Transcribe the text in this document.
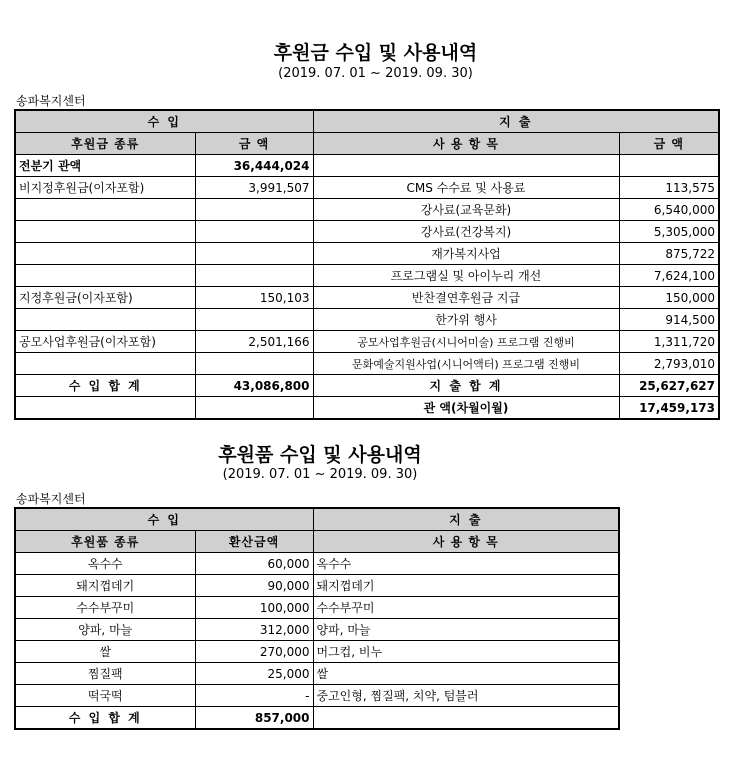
후원금 수입 및 사용내역
(2019. 07. 01 ~ 2019. 09. 30)
송파복지센터
수 입		지 출	
후원금 종류	금 액	사 용 항 목	금 액
전분기 관액	36,444,024		
비지정후원금(이자포함)	3,991,507	CMS 수수료 및 사용료	113,575
		강사료(교육문화)	6,540,000
		강사료(건강복지)	5,305,000
		재가복지사업	875,722
		프로그램실 및 아이누리 개선	7,624,100
지정후원금(이자포함)	150,103	반찬결연후원금 지급	150,000
		한가위 행사	914,500
공모사업후원금(이자포함)	2,501,166	공모사업후원금(시니어미술) 프로그램 진행비	1,311,720
		문화예술지원사업(시니어액터) 프로그램 진행비	2,793,010
수 입 합 계	43,086,800	지 출 합 계	25,627,627
		관 액(차월이월)	17,459,173
후원품 수입 및 사용내역
(2019. 07. 01 ~ 2019. 09. 30)
송파복지센터
수 입		지 출
후원품 종류	환산금액	사 용 항 목
옥수수	60,000	옥수수
돼지껍데기	90,000	돼지껍데기
수수부꾸미	100,000	수수부꾸미
양파, 마늘	312,000	양파, 마늘
쌀	270,000	머그컵, 비누
찜질팩	25,000	쌀
떡국떡	-	중고인형, 찜질팩, 치약, 텀블러
수 입 합 계	857,000	
